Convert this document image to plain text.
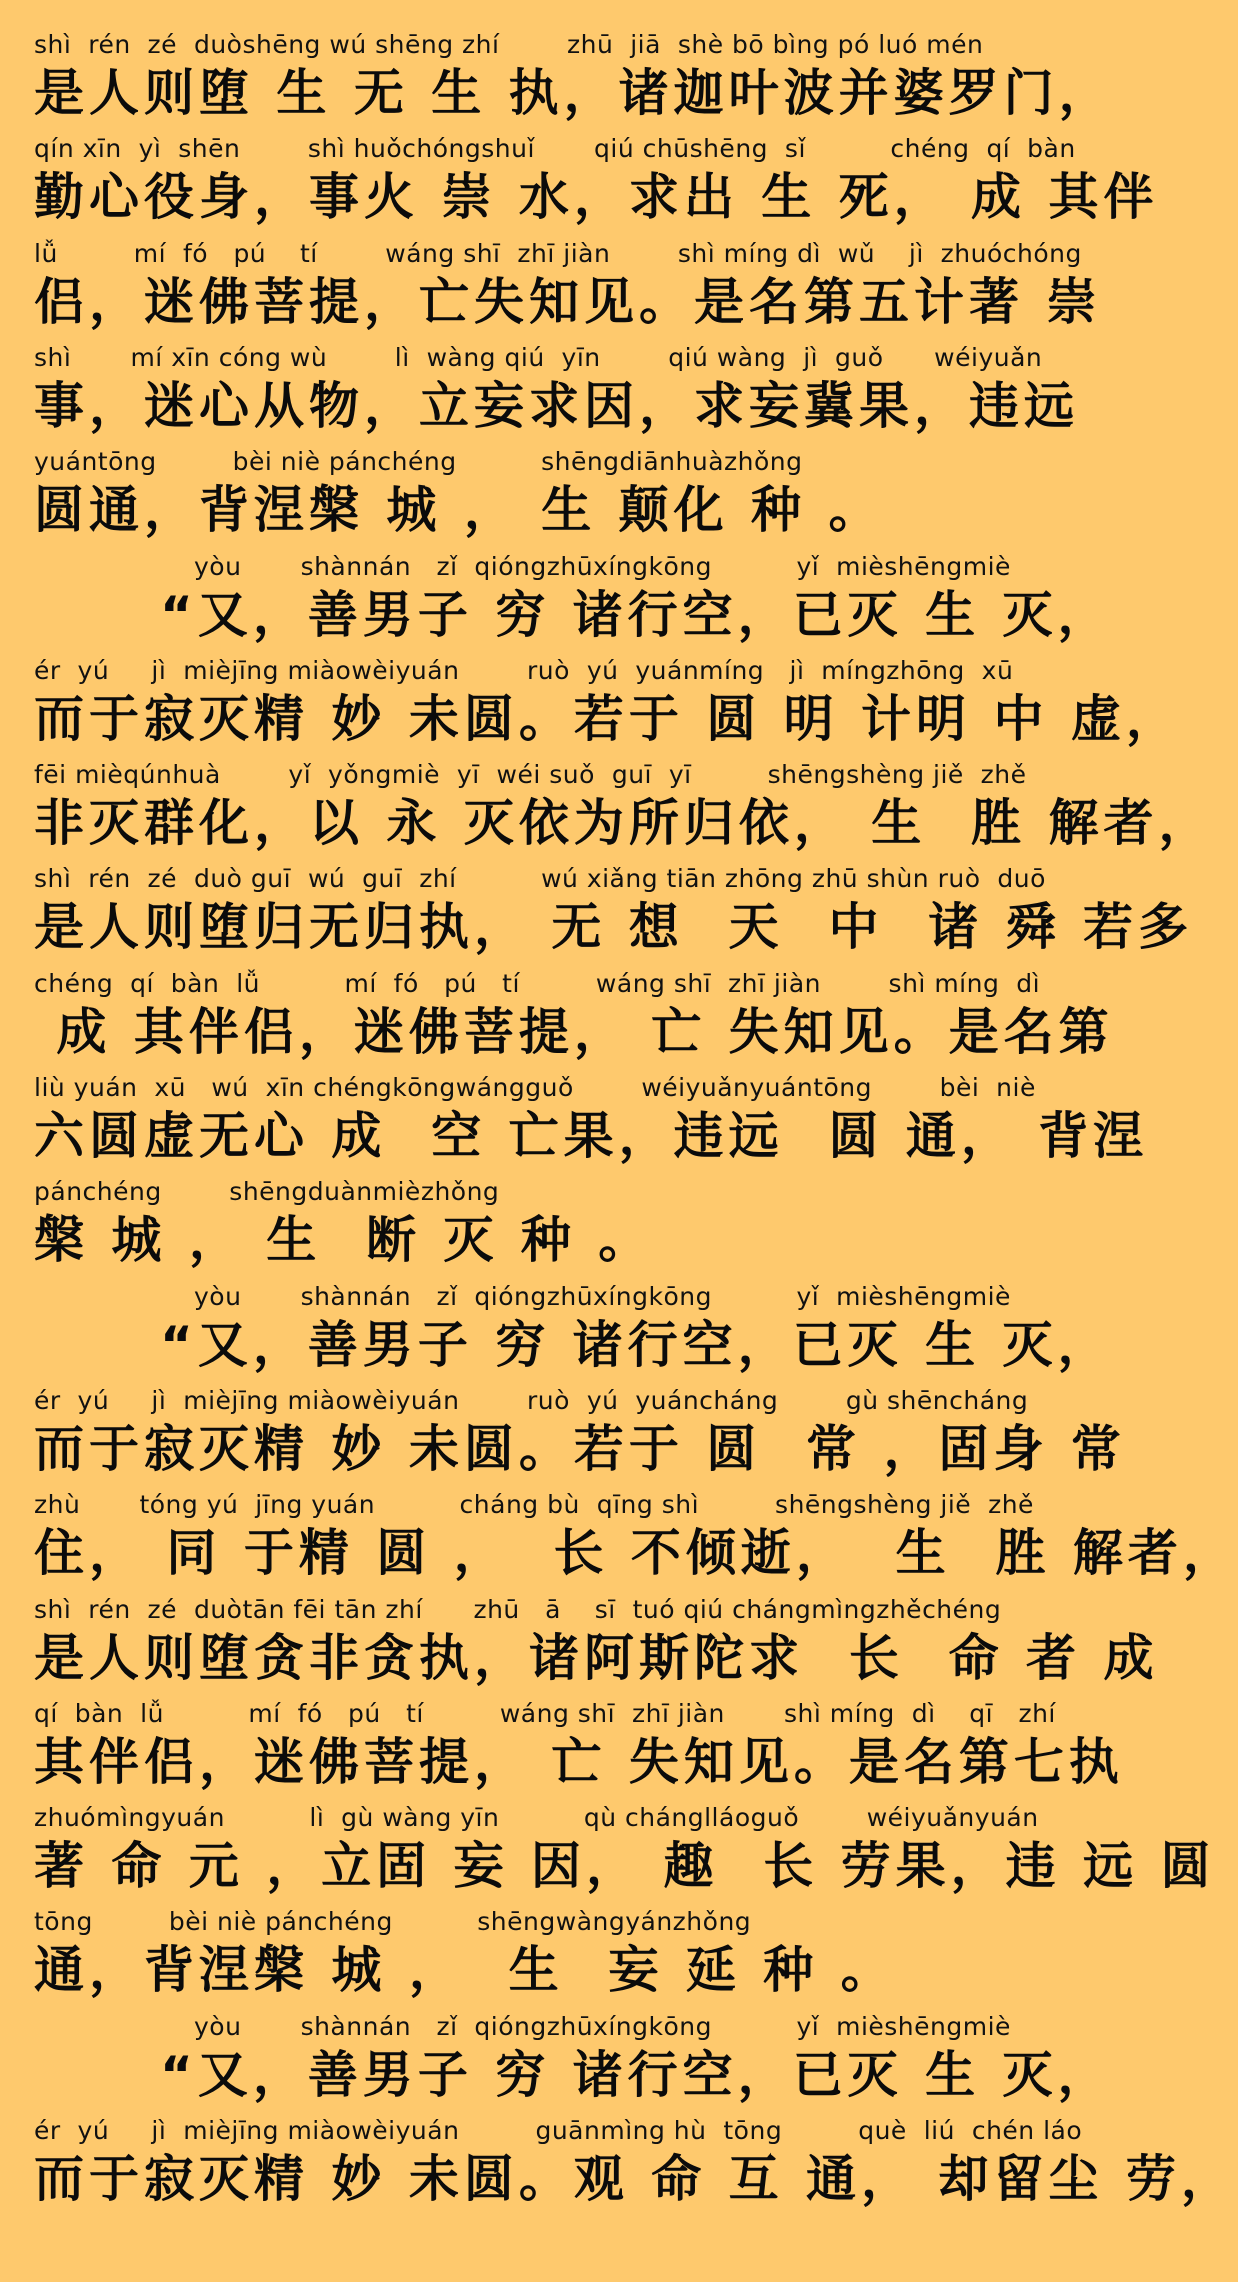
shì  rén  zé  duòshēng wú shēng zhí        zhū  jiā  shè bō bìng pó luó mén
是人则堕 生 无 生 执，诸迦叶波并婆罗门，
qín xīn  yì  shēn        shì huǒchóngshuǐ       qiú chūshēng  sǐ          chéng  qí  bàn
勤心役身，事火 崇 水，求出 生 死， 成 其伴
lǚ         mí  fó   pú    tí        wáng shī  zhī jiàn        shì míng dì  wǔ    jì  zhuóchóng
侣，迷佛菩提，亡失知见。是名第五计著 崇
shì       mí xīn cóng wù        lì  wàng qiú  yīn        qiú wàng  jì  guǒ      wéiyuǎn
事，迷心从物，立妄求因，求妄冀果，违远
yuántōng         bèi niè pánchéng          shēngdiānhuàzhǒng
圆通，背涅槃 城 ， 生 颠化 种 。
yòu       shànnán   zǐ  qióngzhūxíngkōng          yǐ  mièshēngmiè
“又，善男子 穷 诸行空，已灭 生 灭，
ér  yú     jì  mièjīng miàowèiyuán        ruò  yú  yuánmíng   jì  míngzhōng  xū
而于寂灭精 妙 未圆。若于 圆 明 计明 中 虚，
fēi mièqúnhuà        yǐ  yǒngmiè  yī  wéi suǒ  guī  yī         shēngshèng jiě  zhě
非灭群化，以 永 灭依为所归依， 生  胜 解者，
shì  rén  zé  duò guī  wú  guī  zhí          wú xiǎng tiān zhōng zhū shùn ruò  duō
是人则堕归无归执， 无 想  天  中  诸 舜 若多
chéng  qí  bàn  lǚ          mí  fó   pú   tí         wáng shī  zhī jiàn        shì míng  dì
成 其伴侣，迷佛菩提， 亡 失知见。是名第
liù yuán  xū   wú  xīn chéngkōngwángguǒ        wéiyuǎnyuántōng        bèi  niè
六圆虚无心 成  空 亡果，违远  圆 通， 背涅
pánchéng        shēngduànmièzhǒng
槃 城 ， 生  断 灭 种 。
yòu       shànnán   zǐ  qióngzhūxíngkōng          yǐ  mièshēngmiè
“又，善男子 穷 诸行空，已灭 生 灭，
ér  yú     jì  mièjīng miàowèiyuán        ruò  yú  yuáncháng        gù shēncháng
而于寂灭精 妙 未圆。若于 圆  常 ，固身 常
zhù       tóng yú  jīng yuán          cháng bù  qīng shì         shēngshèng jiě  zhě
住， 同 于精 圆 ，  长 不倾逝，  生  胜 解者，
shì  rén  zé  duòtān fēi tān zhí      zhū   ā    sī  tuó qiú chángmìngzhěchéng
是人则堕贪非贪执，诸阿斯陀求  长  命 者 成
qí  bàn  lǚ          mí  fó   pú   tí         wáng shī  zhī jiàn       shì míng  dì    qī   zhí
其伴侣，迷佛菩提， 亡 失知见。是名第七执
zhuómìngyuán          lì  gù wàng yīn          qù chánglláoguǒ        wéiyuǎnyuán
著 命 元 ，立固 妄 因， 趣  长 劳果，违 远 圆
tōng         bèi niè pánchéng          shēngwàngyánzhǒng
通，背涅槃 城 ，  生  妄 延 种 。
yòu       shànnán   zǐ  qióngzhūxíngkōng          yǐ  mièshēngmiè
“又，善男子 穷 诸行空，已灭 生 灭，
ér  yú     jì  mièjīng miàowèiyuán         guānmìng hù  tōng         què  liú  chén láo
而于寂灭精 妙 未圆。观 命 互 通， 却留尘 劳，
